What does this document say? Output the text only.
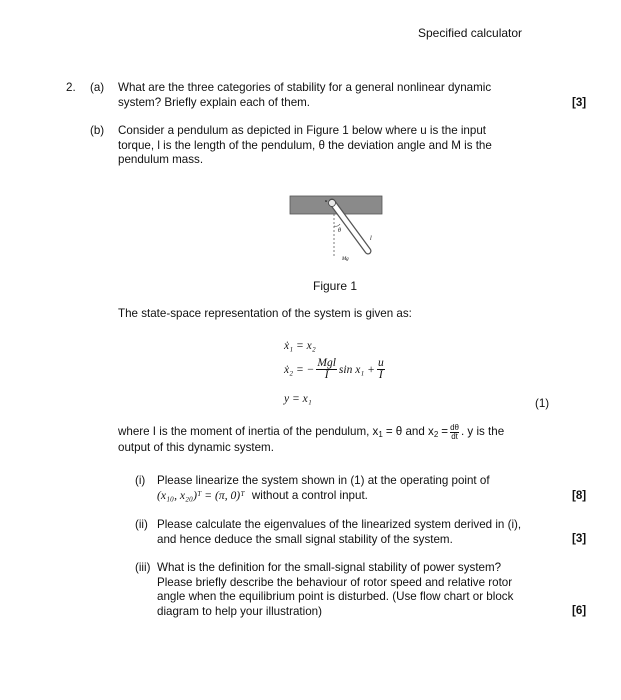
Specified calculator
2. (a) What are the three categories of stability for a general nonlinear dynamic
system? Briefly explain each of them.	[3]
(b) Consider a pendulum as depicted in Figure 1 below where u is the input
torque, l is the length of the pendulum, θ the deviation angle and M is the
pendulum mass.
θ
l
Mg
u
Figure 1
The state-space representation of the system is given as:
ẋ₁ = x₂
ẋ₂ = −
Mgl
I $\sin x_1 + \frac{u}{I}$
y = x₁	(1)
where I is the moment of inertia of the pendulum, x 1 = θ and x $2 = \frac{d\theta}{dt}$ . y is the
output of this dynamic system.
(i) Please linearize the system shown in (1) at the operating point of
(x₁₀, x₂₀)ᵀ = (π, 0)ᵀ without a control input.	[8]
(ii) Please calculate the eigenvalues of the linearized system derived in (i),
and hence deduce the small signal stability of the system.	[3]
(iii) What is the definition for the small-signal stability of power system?
Please briefly describe the behaviour of rotor speed and relative rotor
angle when the equilibrium point is disturbed. (Use flow chart or block
diagram to help your illustration)	[6]
